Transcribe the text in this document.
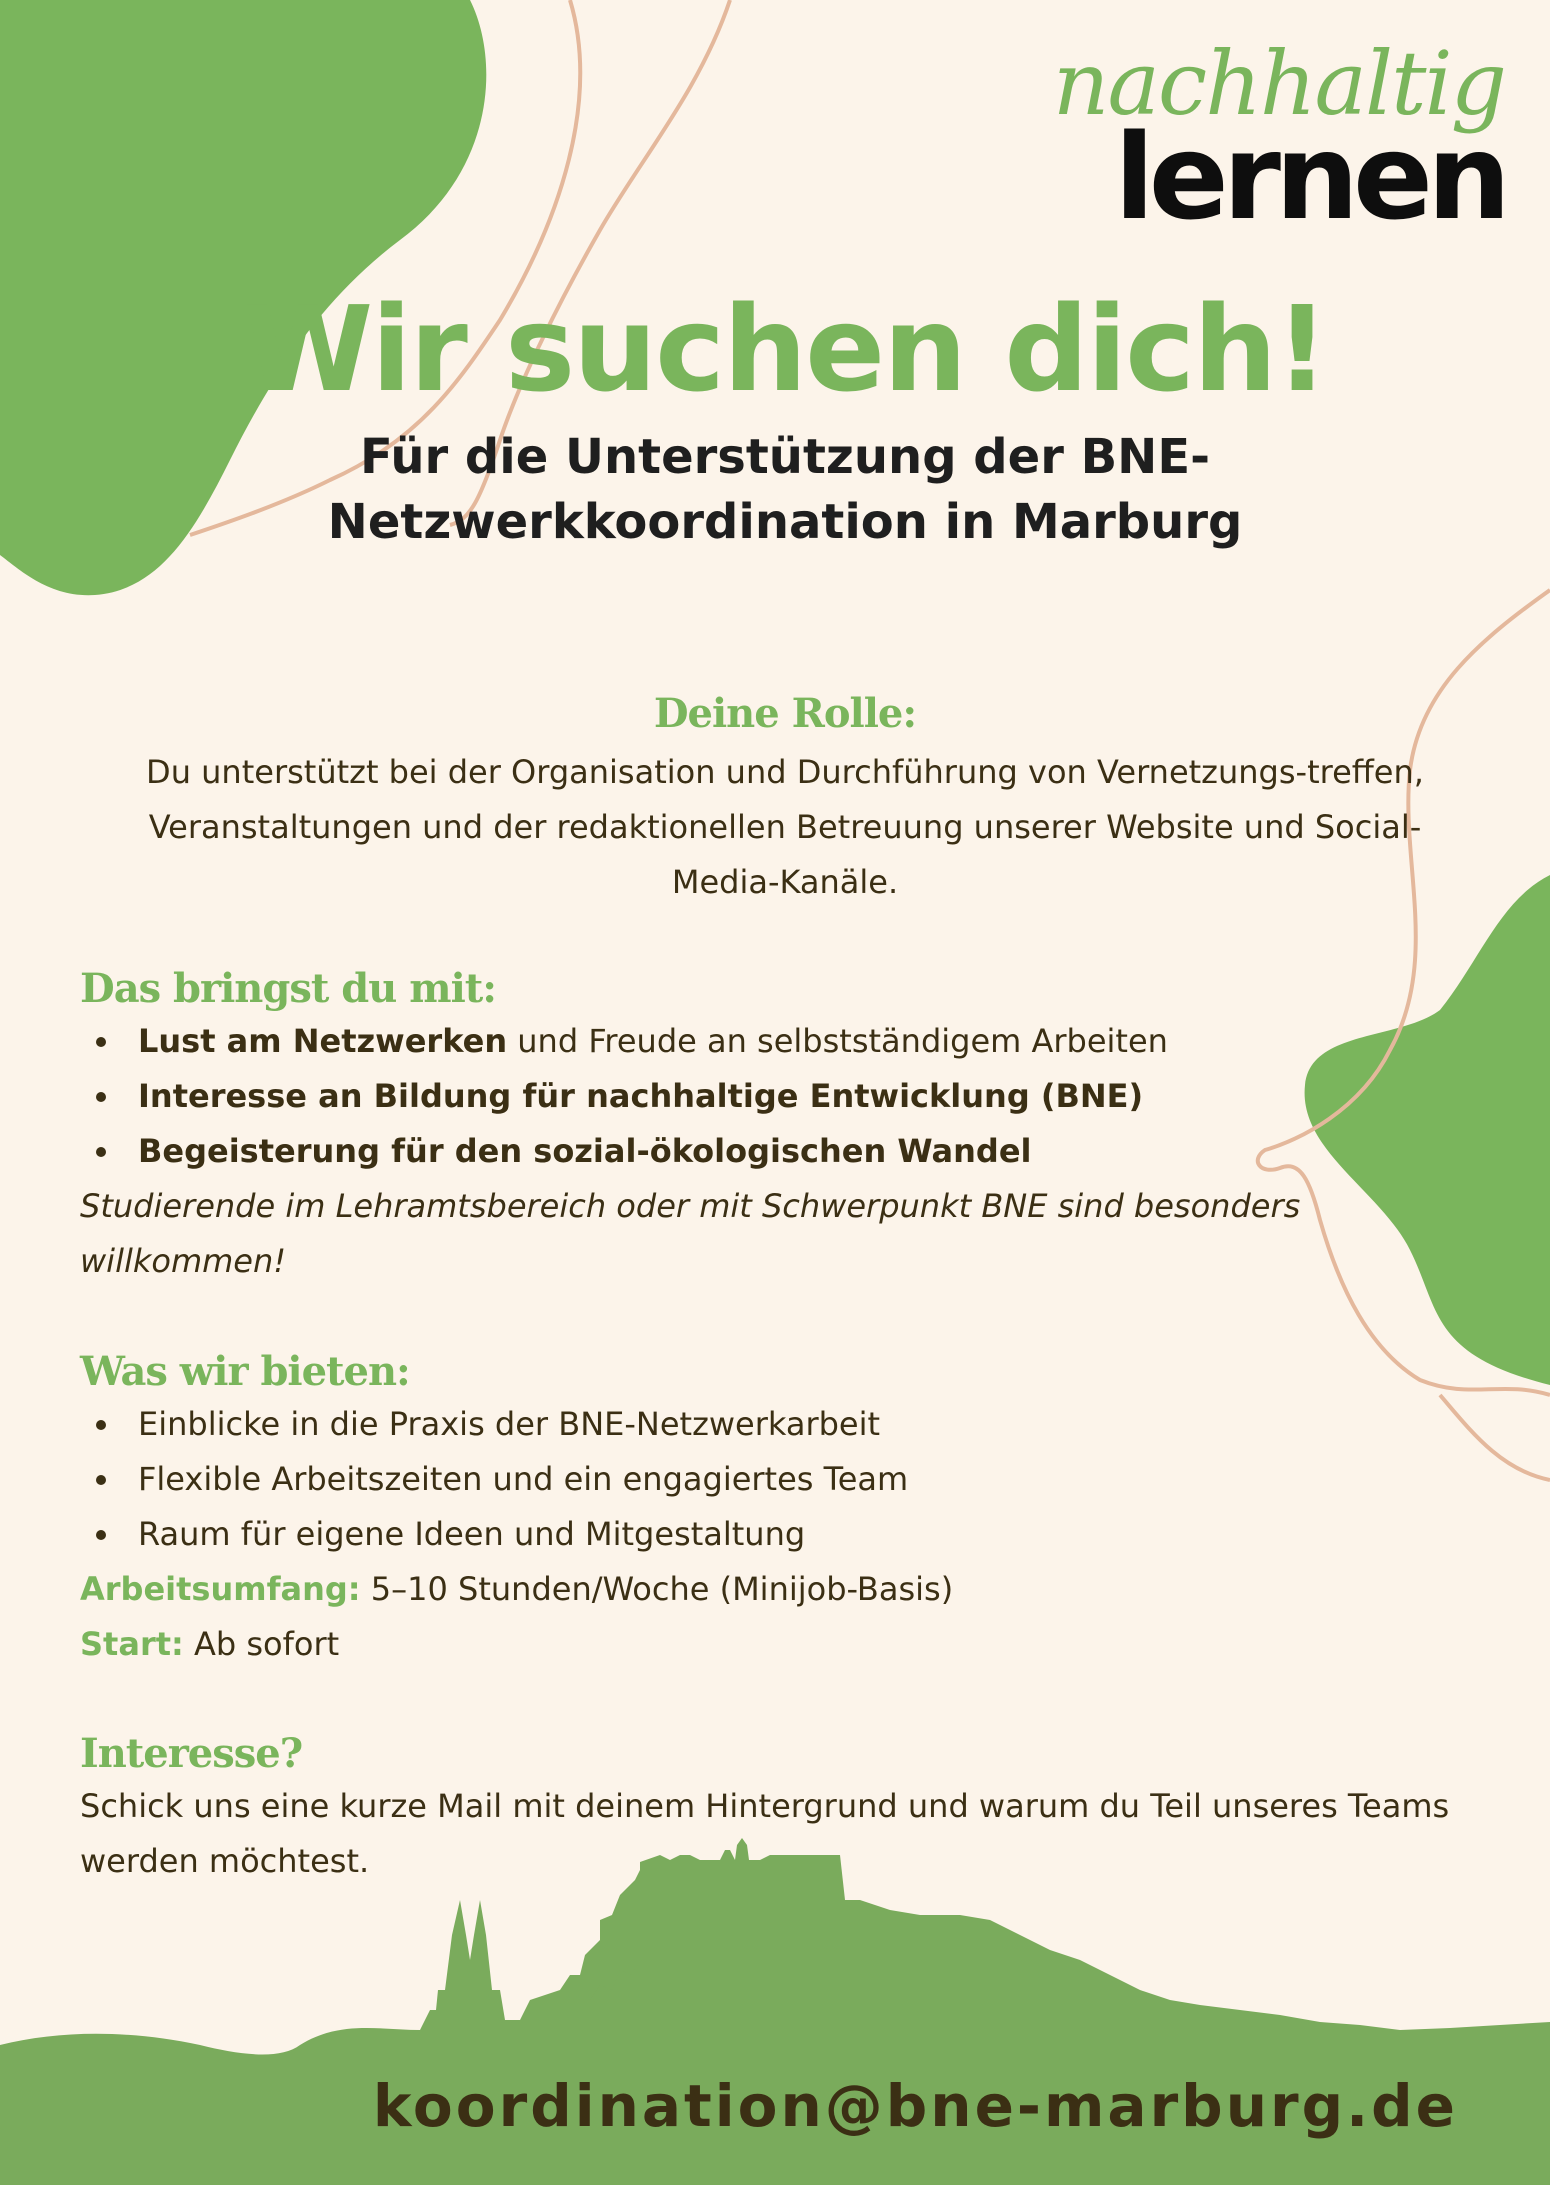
nachhaltig
lernen
Wir suchen dich!
Für die Unterstützung der BNE-
Netzwerkkoordination in Marburg
Deine Rolle:

Du unterstützt bei der Organisation und Durchführung von Vernetzungs-treffen,
Veranstaltungen und der redaktionellen Betreuung unserer Website und Social-
Media-Kanäle.

Das bringst du mit:
Lust am Netzwerken und Freude an selbstständigem Arbeiten
Interesse an Bildung für nachhaltige Entwicklung (BNE)
Begeisterung für den sozial-ökologischen Wandel

Studierende im Lehramtsbereich oder mit Schwerpunkt BNE sind besonders
willkommen!

Was wir bieten:
Einblicke in die Praxis der BNE-Netzwerkarbeit
Flexible Arbeitszeiten und ein engagiertes Team
Raum für eigene Ideen und Mitgestaltung

Arbeitsumfang: 5–10 Stunden/Woche (Minijob-Basis)

Start: Ab sofort

Interesse?

Schick uns eine kurze Mail mit deinem Hintergrund und warum du Teil unseres Teams
werden möchtest.

koordination@bne-marburg.de
